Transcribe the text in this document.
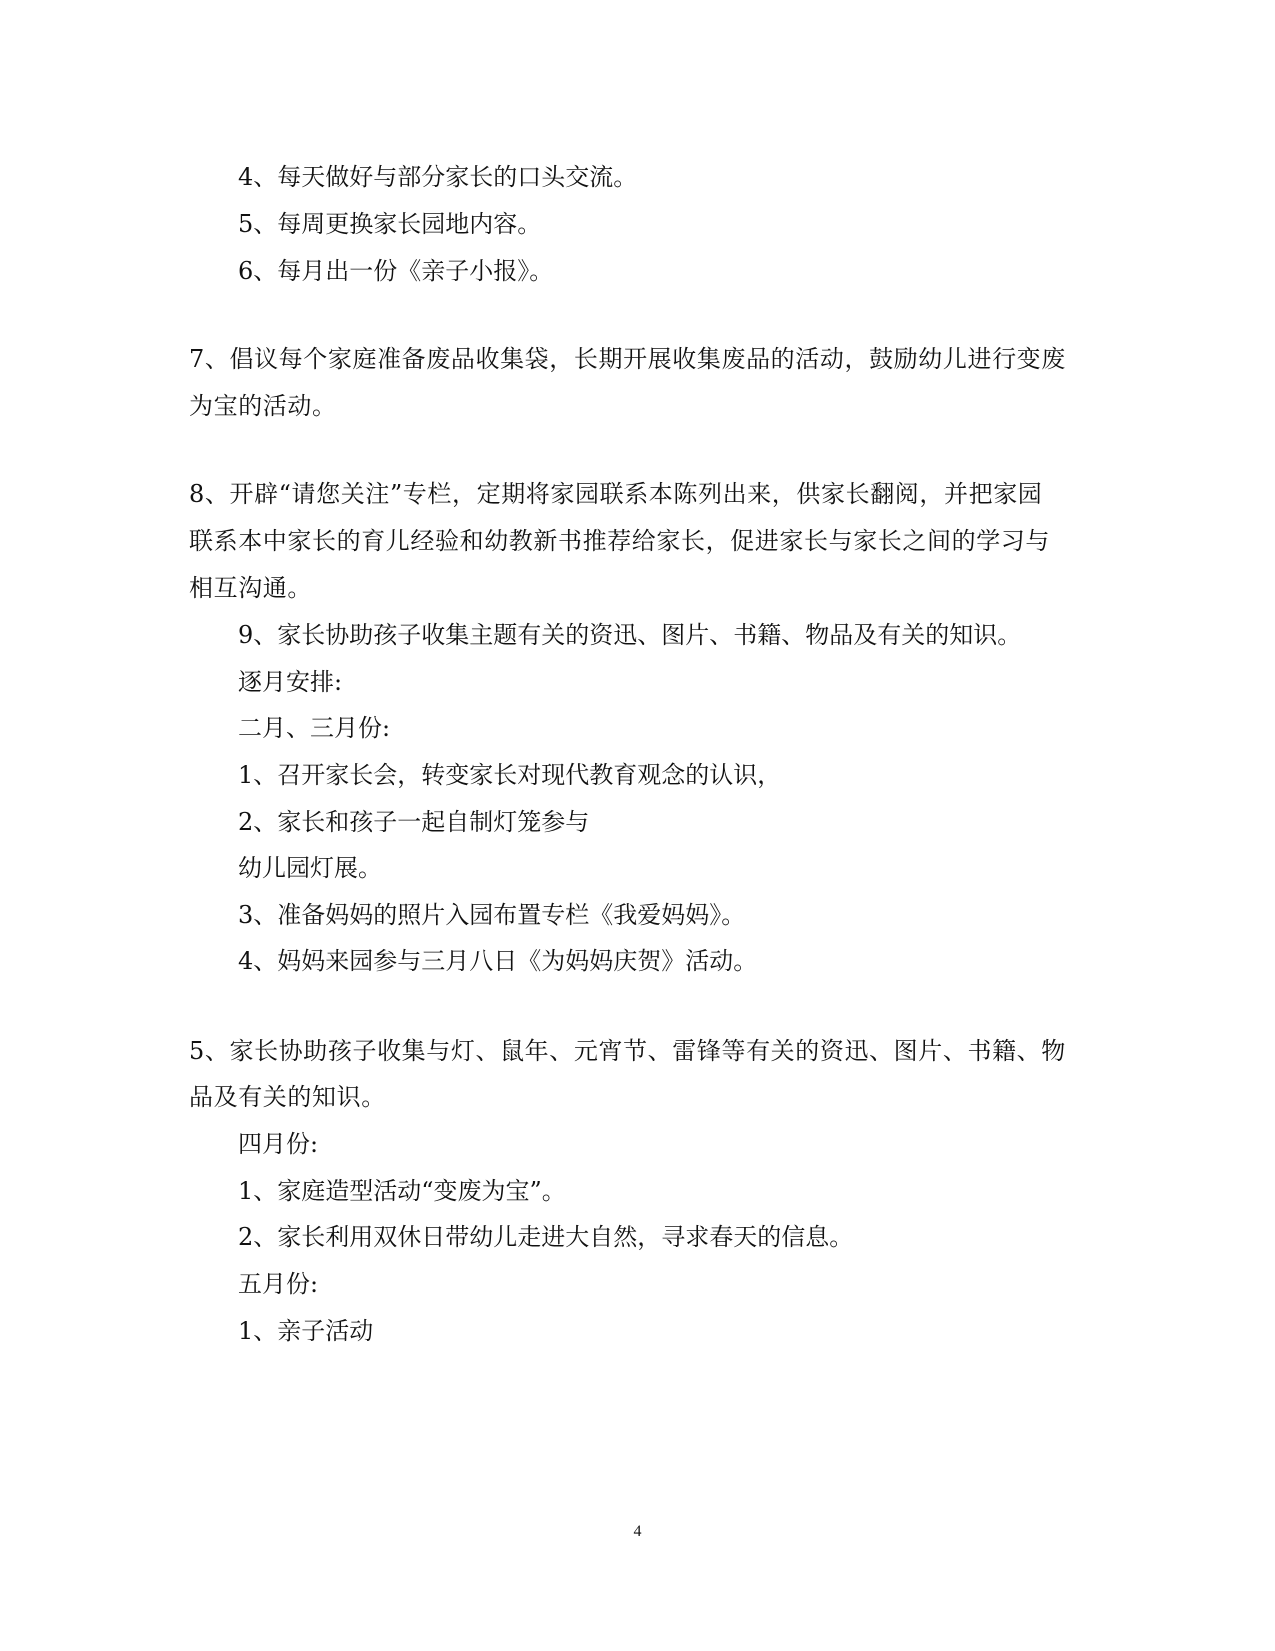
4、每天做好与部分家长的口头交流。
5、每周更换家长园地内容。
6、每月出一份《亲子小报》。
7、倡议每个家庭准备废品收集袋，长期开展收集废品的活动，鼓励幼儿进行变废
为宝的活动。
8、开辟“请您关注”专栏，定期将家园联系本陈列出来，供家长翻阅，并把家园
联系本中家长的育儿经验和幼教新书推荐给家长，促进家长与家长之间的学习与
相互沟通。
9、家长协助孩子收集主题有关的资迅、图片、书籍、物品及有关的知识。
逐月安排:
二月、三月份:
1、召开家长会，转变家长对现代教育观念的认识，
2、家长和孩子一起自制灯笼参与
幼儿园灯展。
3、准备妈妈的照片入园布置专栏《我爱妈妈》。
4、妈妈来园参与三月八日《为妈妈庆贺》活动。
5、家长协助孩子收集与灯、鼠年、元宵节、雷锋等有关的资迅、图片、书籍、物
品及有关的知识。
四月份:
1、家庭造型活动“变废为宝”。
2、家长利用双休日带幼儿走进大自然，寻求春天的信息。
五月份:
1、亲子活动
4
